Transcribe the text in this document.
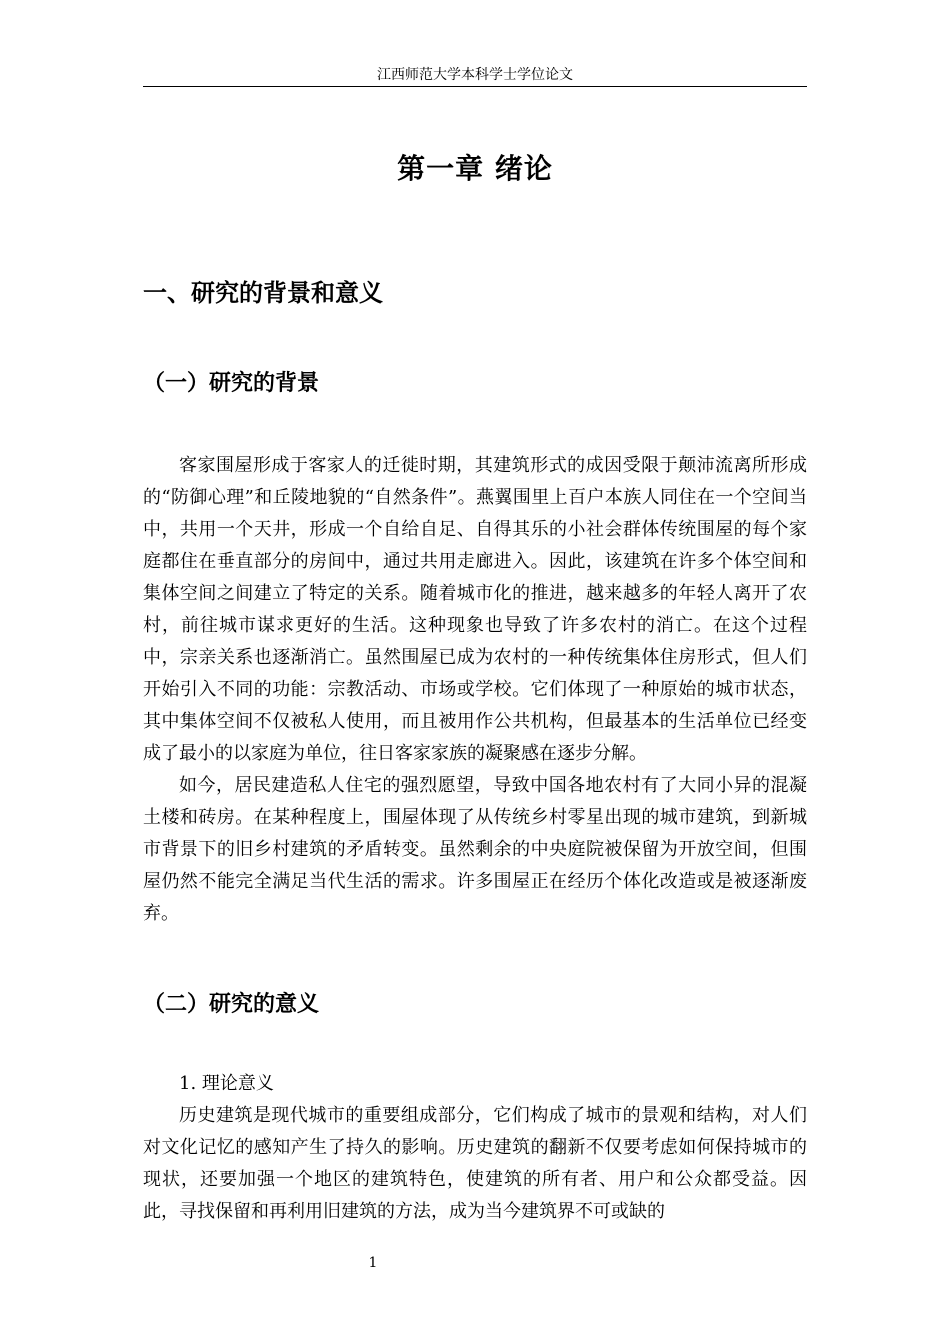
江西师范大学本科学士学位论文
第一章 绪论
一、研究的背景和意义
（一）研究的背景

客家围屋形成于客家人的迁徙时期，其建筑形式的成因受限于颠沛流离所形成的“防御心理”和丘陵地貌的“自然条件”。燕翼围里上百户本族人同住在一个空间当中，共用一个天井，形成一个自给自足、自得其乐的小社会群体传统围屋的每个家庭都住在垂直部分的房间中，通过共用走廊进入。因此，该建筑在许多个体空间和集体空间之间建立了特定的关系。随着城市化的推进，越来越多的年轻人离开了农村，前往城市谋求更好的生活。这种现象也导致了许多农村的消亡。在这个过程中，宗亲关系也逐渐消亡。虽然围屋已成为农村的一种传统集体住房形式，但人们开始引入不同的功能：宗教活动、市场或学校。它们体现了一种原始的城市状态，其中集体空间不仅被私人使用，而且被用作公共机构，但最基本的生活单位已经变成了最小的以家庭为单位，往日客家家族的凝聚感在逐步分解。

如今，居民建造私人住宅的强烈愿望，导致中国各地农村有了大同小异的混凝土楼和砖房。在某种程度上，围屋体现了从传统乡村零星出现的城市建筑，到新城市背景下的旧乡村建筑的矛盾转变。虽然剩余的中央庭院被保留为开放空间，但围屋仍然不能完全满足当代生活的需求。许多围屋正在经历个体化改造或是被逐渐废弃。

（二）研究的意义
1. 理论意义

历史建筑是现代城市的重要组成部分，它们构成了城市的景观和结构，对人们对文化记忆的感知产生了持久的影响。历史建筑的翻新不仅要考虑如何保持城市的现状，还要加强一个地区的建筑特色，使建筑的所有者、用户和公众都受益。因此，寻找保留和再利用旧建筑的方法，成为当今建筑界不可或缺的

1
